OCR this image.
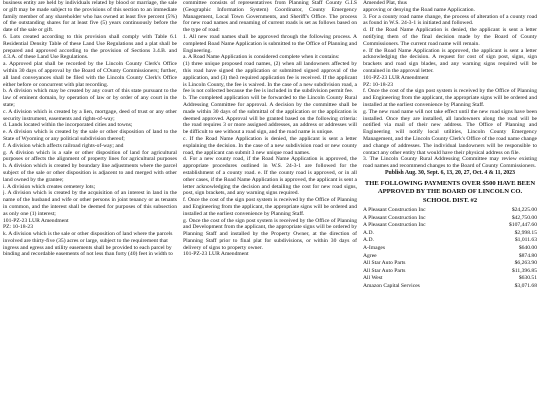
business entity are held by individuals related by blood or marriage, the sale or gift may be made subject to the provisions of this section to an immediate family member of any shareholder who has owned at least five percent (5%) of the outstanding shares for at least five (5) years continuously before the date of the sale or gift.

6. Lots created according to this provision shall comply with Table 6.1 Residential Density Table of these Land Use Regulations and a plat shall be prepared and approved according to the provision of Sections 3.4.B. and 4.3.A. of these Land Use Regulations.

a. Approved plat shall be recorded by the Lincoln County Clerk's Office within 30 days of approval by the Board of COunty Commissioners; further, all land conveyances shall be filed with the Lincoln County Clerk's Office either before or concurrent with plat recording.

b. A division which may be created by any court of this state pursuant to the law of eminent domain, by operation of law or by order of any court in the state;

c. A division which is created by a lien, mortgage, deed of trust or any other security instrument, easements and rights-of-way;

d. Lands located within the incorporated cities and towns;

e. A division which is created by the sale or other disposition of land to the State of Wyoming or any political subdivision thereof;

f. A division which affects railroad rights-of-way; and

g. A division which is a sale or other disposition of land for agricultural purposes or affects the alignment of property lines for agricultural purposes h. A division which is created by boundary line adjustments where the parcel subject of the sale or other disposition is adjacent to and merged with other land owned by the grantee;

i. A division which creates cemetery lots;

j. A division which is created by the acquisition of an interest in land in the name of the husband and wife or other persons in joint tenancy or as tenants in common, and the interest shall be deemed for purposes of this subsection as only one (1) interest;

101-PZ-23 LUR Amendment

PZ: 10-18-23

k. A division which is the sale or other disposition of land where the parcels

involved are thirty-five (35) acres or large, subject to the requirement that

ingress and egress and utility easements shall be provided to each parcel by

binding and recordable easements of not less than forty (40) feet in width to

committee consists of representatives from Planning Staff County G.I.S (Geographic Information System) Coordinator, County Emergency Management, Local Town Governments, and Sheriff's Office. The process for new road names and renaming of current roads is set as follows based on the type of road:

1. All new road names shall be approved through the following process. A completed Road Name Application is submitted to the Office of Planning and Engineering.

a. A Road Name Application is considered complete when it contains:

(1) three unique proposed road names, (2) when all landowners affected by this road have signed the application or submitted signed approval of the application, and (3) the3 required application fee is received. If the applicant is Lincoln County, the fee is waived. In the case of a new subdivision road, a fee is not collected because the fee is included in the subdivision permit fee.

b. The completed application will be forwarded to the Lincoln County Rural Addressing Committee for approval. A decision by the committee shall be made within 30 days of the submittal of the application or the application is deemed approved. Approval will be granted based on the following criteria: the road requires 3 or more assigned addresses, an address or addresses will be difficult to see without a road sign, and the road name is unique.

c. If the Road Name Application is denied, the applicant is sent a letter explaining the decision. In the case of a new subdivision road or new county road, the applicant can submit 3 new unique road names.

d. For a new county road, if the Road Name Application is approved, the appropriate procedures outlined in W.S. 24-3-1 are followed for the establishment of a county road. e. If the county road is approved, or in all other cases, if the Road Name Application is approved, the applicant is sent a letter acknowledging the decision and detailing the cost for new road signs, post, sign brackets, and any warning signs required.

f. Once the cost of the sign post system is received by the Office of Planning and Engineering from the applicant, the appropriate signs will be ordered and installed at the earliest convenience by Planning Staff.

g. Once the cost of the sign post system is received by the Office of Planning and Development from the applicant, the appropriate signs will be ordered by Planning Staff and installed by the Property Owner, at the direction of Planning Staff prior to final plat for subdivisions, or within 30 days of delivery of signs to property owner.

101-PZ-23 LUR Amendment

Amended Plat, thus

approving or denying the Road name Application.

3. For a county road name change, the process of alteration of a county road as found in W.S. 24-3-1 is initiated and followed.

d. If the Road Name Application is denied, the applicant is sent a letter notifying them of the final decision made by the Board of County Commissioners. The current road name will remain.

e. If the Road Name Application is approved, the applicant is sent a letter acknowledging the decision. A request for cost of sign post, signs, sign brackets and road sign blades, and any warning signs required will be contained in the approval letter.

101-PZ-23 LUR Amendment

PZ: 10-18-23

f. Once the cost of the sign post system is received by the Office of Planning and Engineering from the applicant, the appropriate signs will be ordered and installed at the earliest convenience by Planning Staff.

g. The new road name will not take effect until the new road signs have been installed. Once they are installed, all landowners along the road will be notified via mail of their new address. The Office of Planning and Engineering will notify local utilities, Lincoln County Emergency Management, and the Lincoln County Clerk's Office of the road name change and change of addresses. The individual landowners will be responsible to contact any other entity that would have their physical address on file.

3. The Lincoln County Rural Addressing Committee may review existing road names and recommend changes to the Board of County Commissioners.

Publish Aug. 30, Sept. 6, 13, 20, 27, Oct. 4 & 11, 2023

THE FOLLOWING PAYMENTS OVER $500 HAVE BEEN
APPROVED BY THE BOARD OF LINCOLN CO. SCHOOL DIST. #2
A Pleasant Construction Inc	$24,225.00
A Pleasant Construction Inc	$42,750.00
A Pleasant Construction Inc	$107,447.60
A.D.	$2,998.15
A.D.	$1,011.63
A-Images	$640.00
Agree	$874.80
All Star Auto Parts	$6,263.90
All Star Auto Parts	$11,396.85
All West	$630.51
Amazon Capital Services	$3,071.68
